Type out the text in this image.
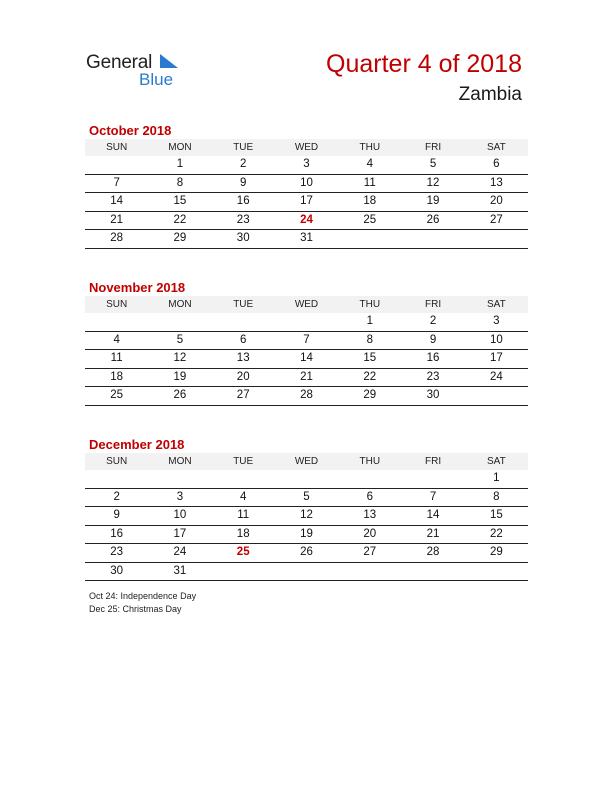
General
Blue
Quarter 4 of 2018
Zambia
October 2018
SUN	MON	TUE	WED	THU	FRI	SAT
	1	2	3	4	5	6
7	8	9	10	11	12	13
14	15	16	17	18	19	20
21	22	23	24	25	26	27
28	29	30	31			
November 2018
SUN	MON	TUE	WED	THU	FRI	SAT
				1	2	3
4	5	6	7	8	9	10
11	12	13	14	15	16	17
18	19	20	21	22	23	24
25	26	27	28	29	30	
December 2018
SUN	MON	TUE	WED	THU	FRI	SAT
						1
2	3	4	5	6	7	8
9	10	11	12	13	14	15
16	17	18	19	20	21	22
23	24	25	26	27	28	29
30	31					
Oct 24: Independence Day
Dec 25: Christmas Day
